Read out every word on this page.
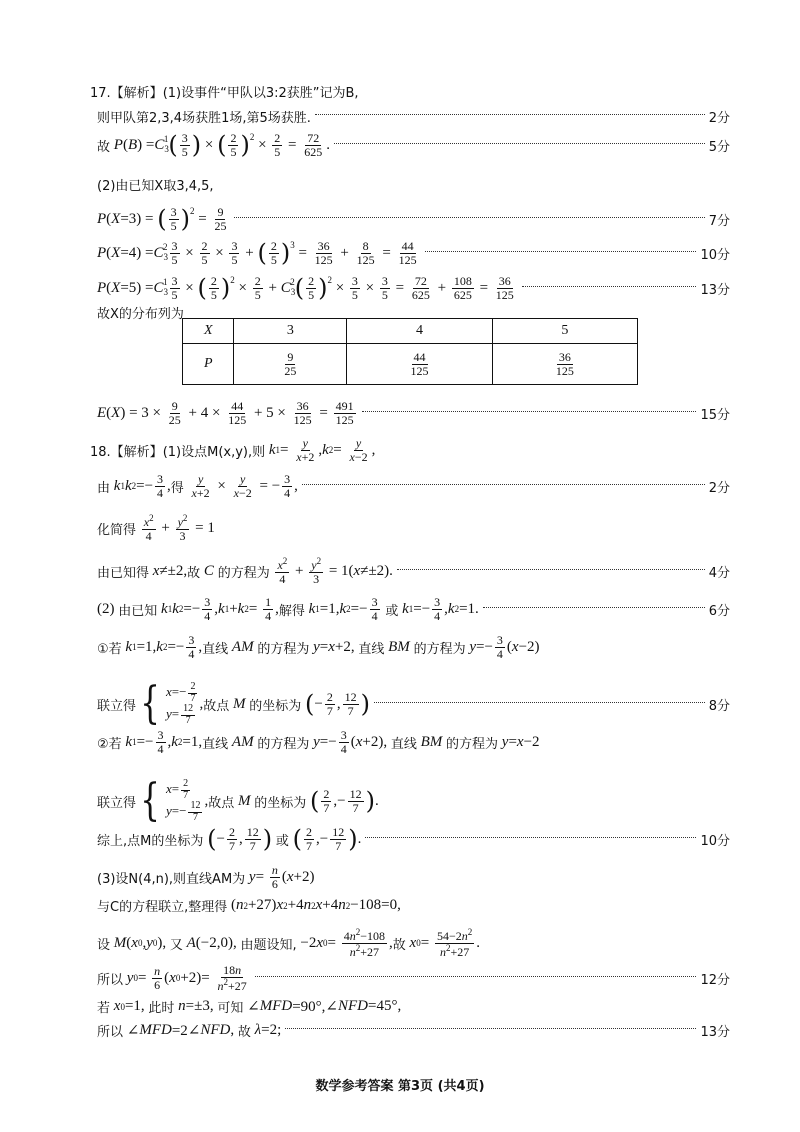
17.【解析】 (1)设事件“甲队以3:2获胜”记为B,
则甲队第2,3,4场获胜1场,第5场获胜.	2分
故
P ( B ) = $C_3$
$^1$ ( $\frac{3}{5}$ ) × ( $\frac{2}{5} )^2 \times \frac{2}{5} = \frac{72}{625}$ .	5分
(2)由已知X取3,4,5,
P ( X =3) = ( $\frac{3}{5} )^2 = \frac{9}{25}$	7分
P ( $X =4) = C_3$
$^2 \frac{3}{5} \times \frac{2}{5} \times \frac{3}{5}$ + ( $\frac{2}{5} )^3 = \frac{36}{125} + \frac{8}{125} = \frac{44}{125}$	10分
P ( $X =5) = C_3$
$^1 \frac{3}{5}$ × ( $\frac{2}{5} )^2 \times \frac{2}{5} + C_3$
$^2$ ( $\frac{2}{5} )^2 \times \frac{3}{5} \times \frac{3}{5} = \frac{72}{625} + \frac{108}{625} = \frac{36}{125}$	13分
故X的分布列为
X	3	4	5
P	$\frac{9}{25}$	$\frac{44}{125}$	$\frac{36}{125}$
E ( X ) = $3 \times \frac{9}{25} + 4 \times \frac{44}{125} + 5 \times \frac{36}{125} = \frac{491}{125}$	15分
18.【解析】 (1)设点M(x,y),则
k $1 = \frac{y}{x+2}$ , k $2 = \frac{y}{x-2}$ ,
由
k 1 k $2 =- \frac{3}{4}$ , 得
$\frac{y}{x+2} \times \frac{y}{x-2}$ = − $\frac{3}{4}$ ,	2分
化简得
$\frac{x^2}{4} + \frac{y^2}{3} = 1$
由已知得
x ≠±2, 故
C
的方程为
$\frac{x^2}{4} + \frac{y^2}{3} = 1$( x ≠±2).	4分
(2) 由已知
k 1 k $2 =- \frac{3}{4}$ , k 1 + k $2 = \frac{1}{4}$ , 解得
k 1 =1, k $2 =- \frac{3}{4}$
或
k $1 =- \frac{3}{4}$ , k 2 =1.	6分
①若
k 1 =1, k $2 =- \frac{3}{4}$ , 直线
AM
的方程为
y = x +2, 直线
BM
的方程为
$y =- \frac{3}{4}$ ( x −2)
联立得 { $x=- \frac{2}{7}$
$y= \frac{12}{7}$
, 故点
M
的坐标为
( − $\frac{2}{7}$ , $\frac{12}{7}$ )	8分
②若
k $1 =- \frac{3}{4}$ , k 2 =1, 直线
AM
的方程为
$y =- \frac{3}{4}$ ( x +2), 直线
BM
的方程为
y = x −2
联立得 { $x= \frac{2}{7}$
$y=- \frac{12}{7}$
, 故点
M
的坐标为
( $\frac{2}{7}$ ,− $\frac{12}{7}$ ) .
综上,点M的坐标为
( − $\frac{2}{7}$ , $\frac{12}{7}$ )
或
( $\frac{2}{7}$ ,− $\frac{12}{7}$ ) .	10分
(3)设N(4,n),则直线AM为
$y = \frac{n}{6}$ ( x +2)
与C的方程联立,整理得 ( n 2 +27) x 2 +4 n 2 x +4 n 2 −108=0,
设
M ( x 0 , y 0 ), 又
A (−2,0), 由题设知, −2 x $0 = \frac{4n^2-108}{n^2+27}$ , 故
x $0 = \frac{54-2n^2}{n^2+27}$ .
所以
y $0 = \frac{n}{6}$ ( x $0 +2)= \frac{18n}{n^2+27}$	12分
若
x 0 =1, 此时
n =±3, 可知 ∠ MFD =90°,∠ NFD =45°,
所以 ∠ MFD =2∠ NFD , 故
λ =2;	13分
数学参考答案 第3页 (共4页)
